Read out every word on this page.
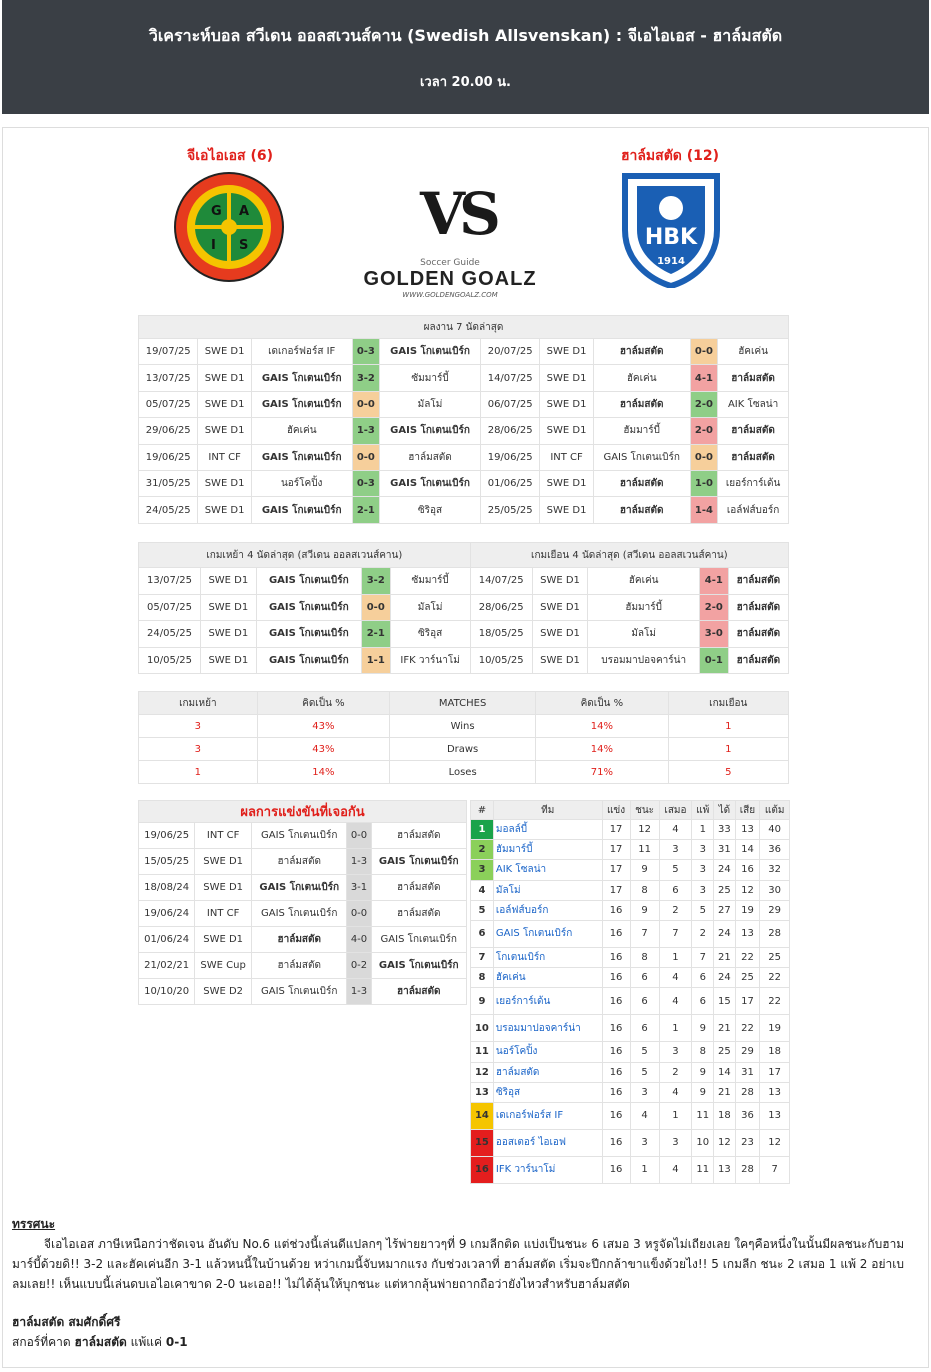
วิเคราะห์บอล สวีเดน ออลสเวนส์คาน (Swedish Allsvenskan) : จีเอไอเอส - ฮาล์มสตัด
เวลา 20.00 น.
จีเอไอเอส (6)	ฮาล์มสตัด (12)
G A
I S	VS
Soccer Guide
GOLDEN GOALZ
WWW.GOLDENGOALZ.COM
HBK
1914
ผลงาน 7 นัดล่าสุด									
19/07/25	SWE D1	เดเกอร์ฟอร์ส IF	0-3	GAIS โกเตนเบิร์ก	20/07/25	SWE D1	ฮาล์มสตัด	0-0	ฮัคเค่น
13/07/25	SWE D1	GAIS โกเตนเบิร์ก	3-2	ซัมมาร์บี้	14/07/25	SWE D1	ฮัคเค่น	4-1	ฮาล์มสตัด
05/07/25	SWE D1	GAIS โกเตนเบิร์ก	0-0	มัลโม่	06/07/25	SWE D1	ฮาล์มสตัด	2-0	AIK โซลน่า
29/06/25	SWE D1	ฮัคเค่น	1-3	GAIS โกเตนเบิร์ก	28/06/25	SWE D1	ฮัมมาร์บี้	2-0	ฮาล์มสตัด
19/06/25	INT CF	GAIS โกเตนเบิร์ก	0-0	ฮาล์มสตัด	19/06/25	INT CF	GAIS โกเตนเบิร์ก	0-0	ฮาล์มสตัด
31/05/25	SWE D1	นอร์โคปิ้ง	0-3	GAIS โกเตนเบิร์ก	01/06/25	SWE D1	ฮาล์มสตัด	1-0	เยอร์การ์เด้น
24/05/25	SWE D1	GAIS โกเตนเบิร์ก	2-1	ซิริอุส	25/05/25	SWE D1	ฮาล์มสตัด	1-4	เอล์ฟส์บอร์ก
เกมเหย้า 4 นัดล่าสุด (สวีเดน ออลสเวนส์คาน)					เกมเยือน 4 นัดล่าสุด (สวีเดน ออลสเวนส์คาน)				
13/07/25	SWE D1	GAIS โกเตนเบิร์ก	3-2	ซัมมาร์บี้	14/07/25	SWE D1	ฮัคเค่น	4-1	ฮาล์มสตัด
05/07/25	SWE D1	GAIS โกเตนเบิร์ก	0-0	มัลโม่	28/06/25	SWE D1	ฮัมมาร์บี้	2-0	ฮาล์มสตัด
24/05/25	SWE D1	GAIS โกเตนเบิร์ก	2-1	ซิริอุส	18/05/25	SWE D1	มัลโม่	3-0	ฮาล์มสตัด
10/05/25	SWE D1	GAIS โกเตนเบิร์ก	1-1	IFK วาร์นาโม่	10/05/25	SWE D1	บรอมมาปอจคาร์น่า	0-1	ฮาล์มสตัด
เกมเหย้า	คิดเป็น %	MATCHES	คิดเป็น %	เกมเยือน
3	43%	Wins	14%	1
3	43%	Draws	14%	1
1	14%	Loses	71%	5
ผลการแข่งขันที่เจอกัน				
19/06/25	INT CF	GAIS โกเตนเบิร์ก	0-0	ฮาล์มสตัด
15/05/25	SWE D1	ฮาล์มสตัด	1-3	GAIS โกเตนเบิร์ก
18/08/24	SWE D1	GAIS โกเตนเบิร์ก	3-1	ฮาล์มสตัด
19/06/24	INT CF	GAIS โกเตนเบิร์ก	0-0	ฮาล์มสตัด
01/06/24	SWE D1	ฮาล์มสตัด	4-0	GAIS โกเตนเบิร์ก
21/02/21	SWE Cup	ฮาล์มสตัด	0-2	GAIS โกเตนเบิร์ก
10/10/20	SWE D2	GAIS โกเตนเบิร์ก	1-3	ฮาล์มสตัด
#	ทีม	แข่ง	ชนะ	เสมอ	แพ้	ได้	เสีย	แต้ม
1	มอลล์บี้	17	12	4	1	33	13	40
2	ฮัมมาร์บี้	17	11	3	3	31	14	36
3	AIK โซลน่า	17	9	5	3	24	16	32
4	มัลโม่	17	8	6	3	25	12	30
5	เอล์ฟส์บอร์ก	16	9	2	5	27	19	29
6	GAIS โกเตนเบิร์ก	16	7	7	2	24	13	28
7	โกเตนเบิร์ก	16	8	1	7	21	22	25
8	ฮัคเค่น	16	6	4	6	24	25	22
9	เยอร์การ์เด้น	16	6	4	6	15	17	22
10	บรอมมาปอจคาร์น่า	16	6	1	9	21	22	19
11	นอร์โคปิ้ง	16	5	3	8	25	29	18
12	ฮาล์มสตัด	16	5	2	9	14	31	17
13	ซิริอุส	16	3	4	9	21	28	13
14	เดเกอร์ฟอร์ส IF	16	4	1	11	18	36	13
15	ออสเตอร์ ไอเอฟ	16	3	3	10	12	23	12
16	IFK วาร์นาโม่	16	1	4	11	13	28	7
ทรรศนะ

จีเอไอเอส ภาษีเหนือกว่าชัดเจน อันดับ No.6 แต่ช่วงนี้เล่นดีแปลกๆ ไร้พ่ายยาวๆที่ 9 เกมลีกติด แบ่งเป็นชนะ 6 เสมอ 3 หรูจัดไม่เถียงเลย ใคๆคือหนึ่งในนั้นมีผลชนะกับฮามมาร์บี้ด้วยดิ!! 3-2 และฮัคเค่นอีก 3-1 แล้วหนนี้ในบ้านด้วย หว่าเกมนี้จับหมากแรง กับช่วงเวลาที่ ฮาล์มสตัด เริ่มจะปีกกล้าขาแข็งด้วยไง!! 5 เกมลีก ชนะ 2 เสมอ 1 แพ้ 2 อย่าเบลมเลย!! เห็นแบบนี้เล่นดบเอไอเคาขาด 2-0 นะเออ!! ไม่ได้ลุ้นให้บุกชนะ แต่หากลุ้นพ่ายถากถือว่ายังไหวสำหรับฮาล์มสตัด

ฮาล์มสตัด สมศักดิ์ศรี
สกอร์ที่คาด ฮาล์มสตัด แพ้แค่ 0-1
